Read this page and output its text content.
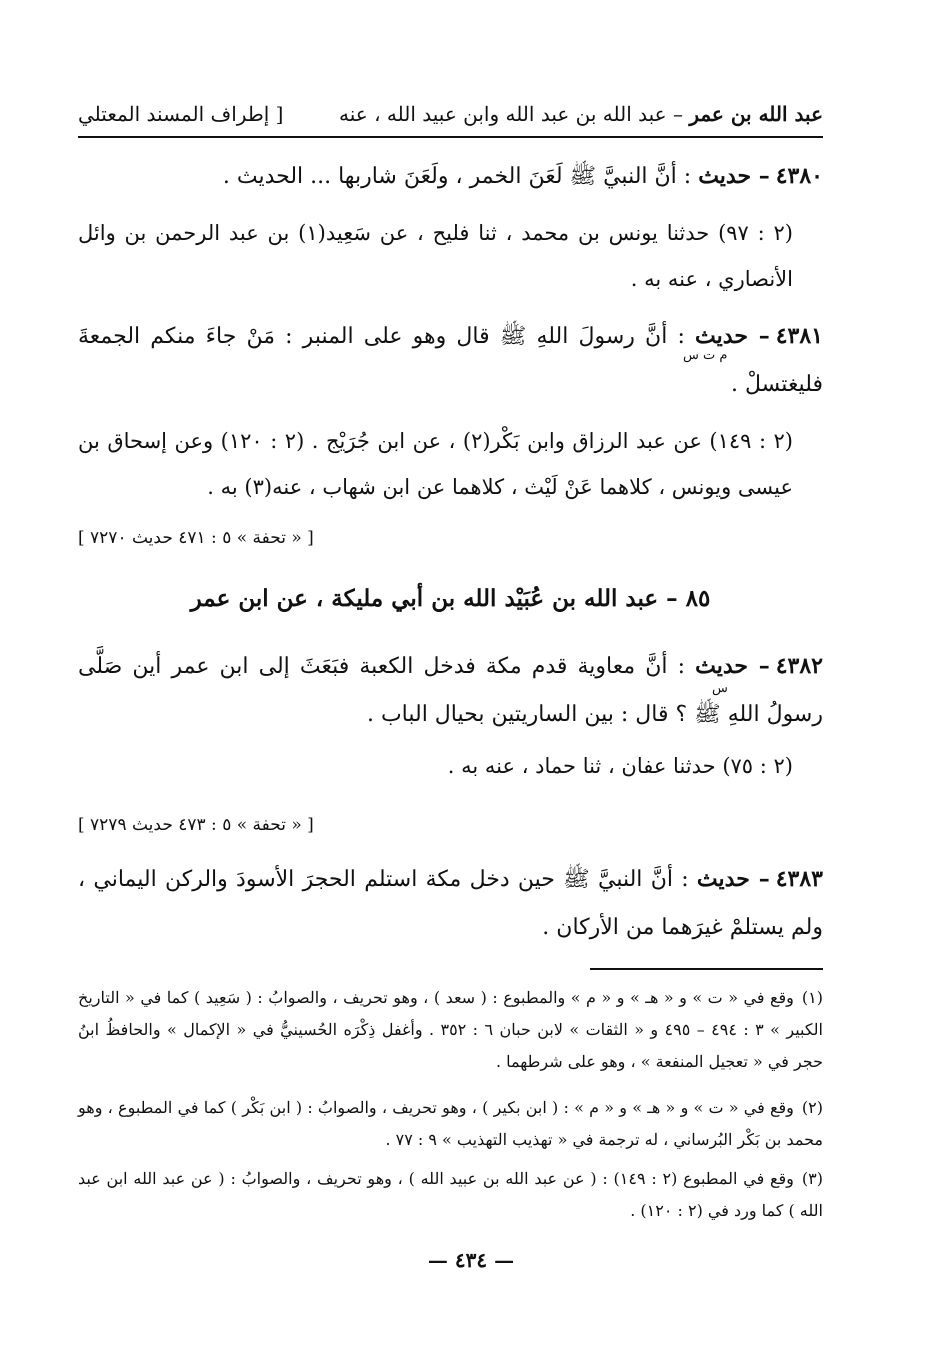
عبد الله بن عمر – عبد الله بن عبد الله وابن عبيد الله ، عنه
[ إطراف المسند المعتلي
٤٣٨٠– حديث : أنَّ النبيَّ ﷺ لَعَنَ الخمر ، ولَعَنَ شاربها ... الحديث .
(٢ : ٩٧) حدثنا يونس بن محمد ، ثنا فليح ، عن سَعِيد(١) بن عبد الرحمن بن وائل الأنصاري ، عنه به .
٤٣٨١– حديث : أنَّ رسولَ اللهِ ﷺ قال وهو على المنبر : مَنْ جاءَ منكم الجمعةَ فليغتسلْ .
م ت س
(٢ : ١٤٩) عن عبد الرزاق وابن بَكْر(٢) ، عن ابن جُرَيْج . (٢ : ١٢٠) وعن إسحاق بن عيسى ويونس ، كلاهما عَنْ لَيْث ، كلاهما عن ابن شهاب ، عنه(٣) به .
[ « تحفة » ٥ : ٤٧١ حديث ٧٢٧٠ ]
٨٥ – عبد الله بن عُبَيْد الله بن أبي مليكة ، عن ابن عمر
٤٣٨٢– حديث : أنَّ معاوية قدم مكة فدخل الكعبة فبَعَثَ إلى ابن عمر أين صَلَّى رسولُ اللهِ ﷺ ؟ قال : بين الساريتين بحيال الباب .
س
(٢ : ٧٥) حدثنا عفان ، ثنا حماد ، عنه به .
[ « تحفة » ٥ : ٤٧٣ حديث ٧٢٧٩ ]
٤٣٨٣– حديث : أنَّ النبيَّ ﷺ حين دخل مكة استلم الحجرَ الأسودَ والركن اليماني ، ولم يستلمْ غيرَهما من الأركان .
(١)وقع في « ت » و « هـ » و « م » والمطبوع : ( سعد ) ، وهو تحريف ، والصوابُ : ( سَعِيد ) كما في « التاريخ الكبير » ٣ : ٤٩٤ – ٤٩٥ و « الثقات » لابن حبان ٦ : ٣٥٢ . وأغفل ذِكْرَه الحُسينيُّ في « الإكمال » والحافظُ ابنُ حجر في « تعجيل المنفعة » ، وهو على شرطهما .
(٢)وقع في « ت » و « هـ » و « م » : ( ابن بكير ) ، وهو تحريف ، والصوابُ : ( ابن بَكْر ) كما في المطبوع ، وهو محمد بن بَكْر البُرساني ، له ترجمة في « تهذيب التهذيب » ٩ : ٧٧ .
(٣)وقع في المطبوع (٢ : ١٤٩) : ( عن عبد الله بن عبيد الله ) ، وهو تحريف ، والصوابُ : ( عن عبد الله ابن عبد الله ) كما ورد في (٢ : ١٢٠) .
— ٤٣٤ —
